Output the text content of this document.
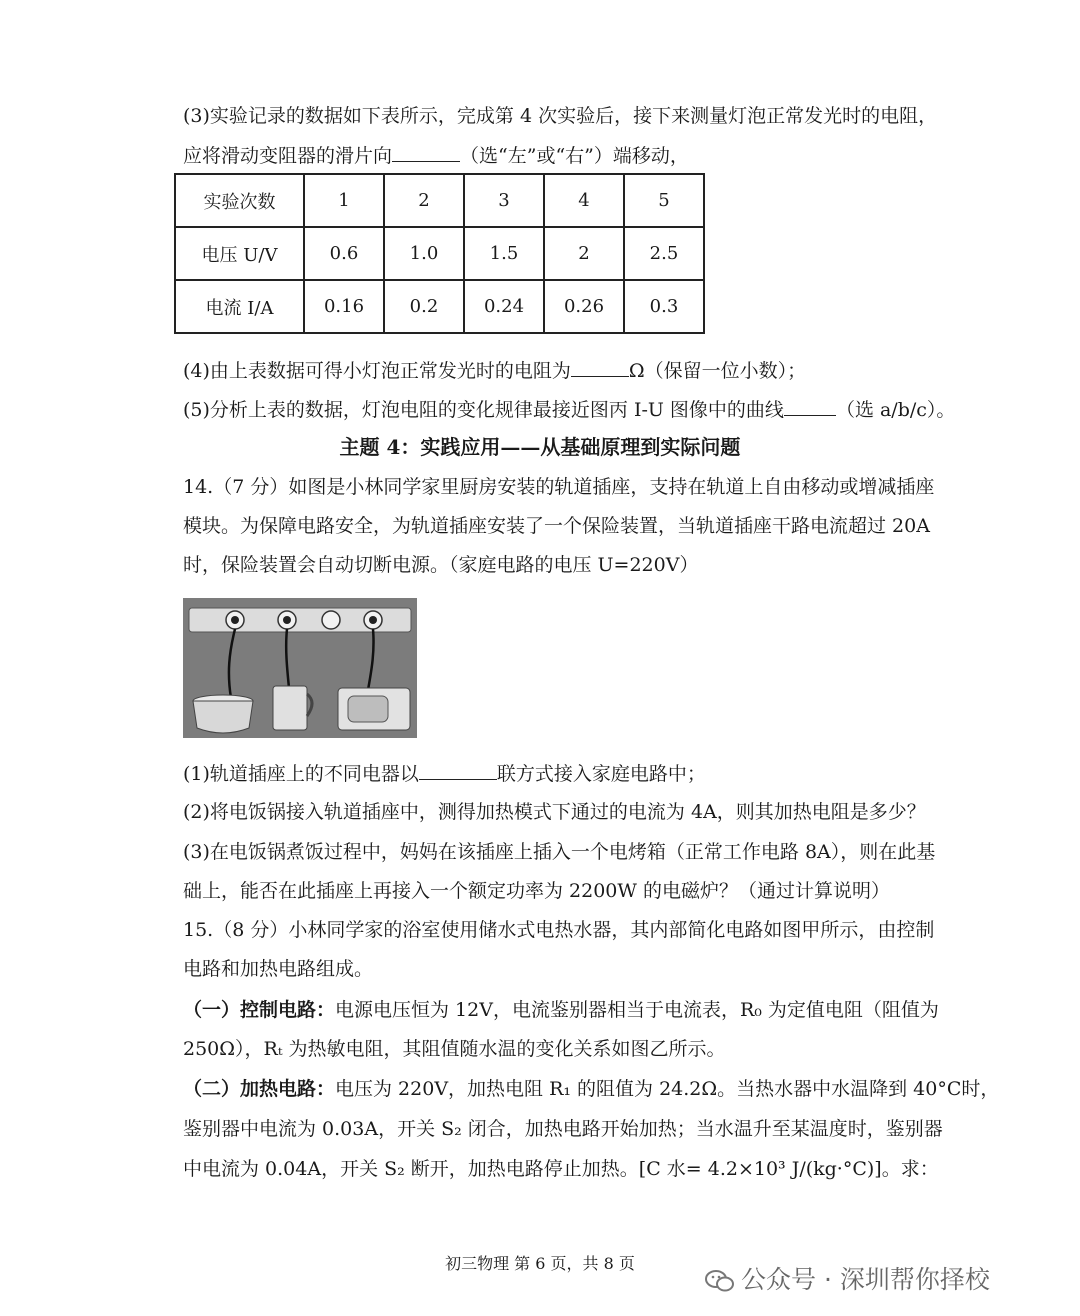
(3)实验记录的数据如下表所示，完成第 4 次实验后，接下来测量灯泡正常发光时的电阻，
应将滑动变阻器的滑片向	（选“左”或“右”）端移动，
实验次数	1	2	3	4	5
电压 U/V	0.6	1.0	1.5	2	2.5
电流 I/A	0.16	0.2	0.24	0.26	0.3
(4)由上表数据可得小灯泡正常发光时的电阻为	Ω（保留一位小数）；
(5)分析上表的数据，灯泡电阻的变化规律最接近图丙 I-U 图像中的曲线	（选 a/b/c）。
主题 4：实践应用——从基础原理到实际问题
14.（7 分）如图是小林同学家里厨房安装的轨道插座，支持在轨道上自由移动或增减插座
模块。为保障电路安全，为轨道插座安装了一个保险装置，当轨道插座干路电流超过 20A
时，保险装置会自动切断电源。（家庭电路的电压 U=220V）
(1)轨道插座上的不同电器以	联方式接入家庭电路中；
(2)将电饭锅接入轨道插座中，测得加热模式下通过的电流为 4A，则其加热电阻是多少？
(3)在电饭锅煮饭过程中，妈妈在该插座上插入一个电烤箱（正常工作电路 8A），则在此基
础上，能否在此插座上再接入一个额定功率为 2200W 的电磁炉？（通过计算说明）
15.（8 分）小林同学家的浴室使用储水式电热水器，其内部简化电路如图甲所示，由控制
电路和加热电路组成。
（一）控制电路：电源电压恒为 12V，电流鉴别器相当于电流表，R₀ 为定值电阻（阻值为
250Ω），Rₜ 为热敏电阻，其阻值随水温的变化关系如图乙所示。
（二）加热电路：电压为 220V，加热电阻 R₁ 的阻值为 24.2Ω。当热水器中水温降到 40°C时，
鉴别器中电流为 0.03A，开关 S₂ 闭合，加热电路开始加热；当水温升至某温度时，鉴别器
中电流为 0.04A，开关 S₂ 断开，加热电路停止加热。[C 水= 4.2×10³ J/(kg·°C)]。求：
初三物理 第 6 页，共 8 页
公众号 · 深圳帮你择校
